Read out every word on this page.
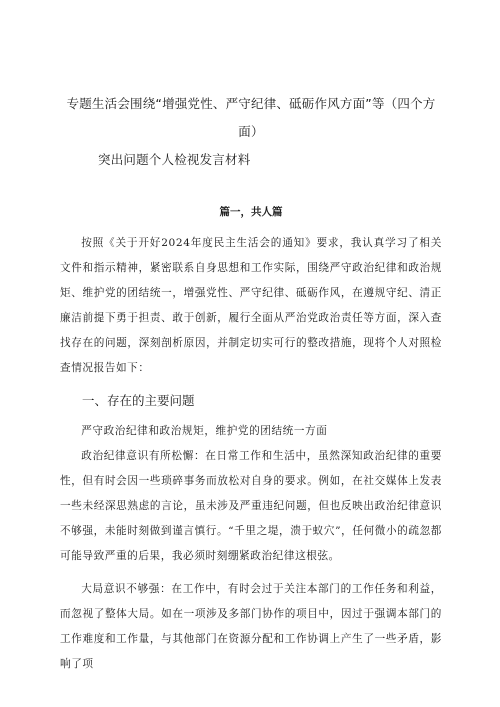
专题生活会围绕“增强党性、严守纪律、砥砺作风方面”等（四个方面）
突出问题个人检视发言材料
篇一，共人篇

按照《关于开好2024年度民主生活会的通知》要求，我认真学习了相关文件和指示精神，紧密联系自身思想和工作实际，围绕严守政治纪律和政治规矩、维护党的团结统一，增强党性、严守纪律、砥砺作风，在遵规守纪、清正廉洁前提下勇于担责、敢于创新，履行全面从严治党政治责任等方面，深入查找存在的问题，深刻剖析原因，并制定切实可行的整改措施，现将个人对照检查情况报告如下：

一、存在的主要问题

严守政治纪律和政治规矩，维护党的团结统一方面

政治纪律意识有所松懈：在日常工作和生活中，虽然深知政治纪律的重要性，但有时会因一些琐碎事务而放松对自身的要求。例如，在社交媒体上发表一些未经深思熟虑的言论，虽未涉及严重违纪问题，但也反映出政治纪律意识不够强，未能时刻做到谨言慎行。“千里之堤，溃于蚁穴”，任何微小的疏忽都可能导致严重的后果，我必须时刻绷紧政治纪律这根弦。

大局意识不够强：在工作中，有时会过于关注本部门的工作任务和利益，而忽视了整体大局。如在一项涉及多部门协作的项目中，因过于强调本部门的工作难度和工作量，与其他部门在资源分配和工作协调上产生了一些矛盾，影响了项
